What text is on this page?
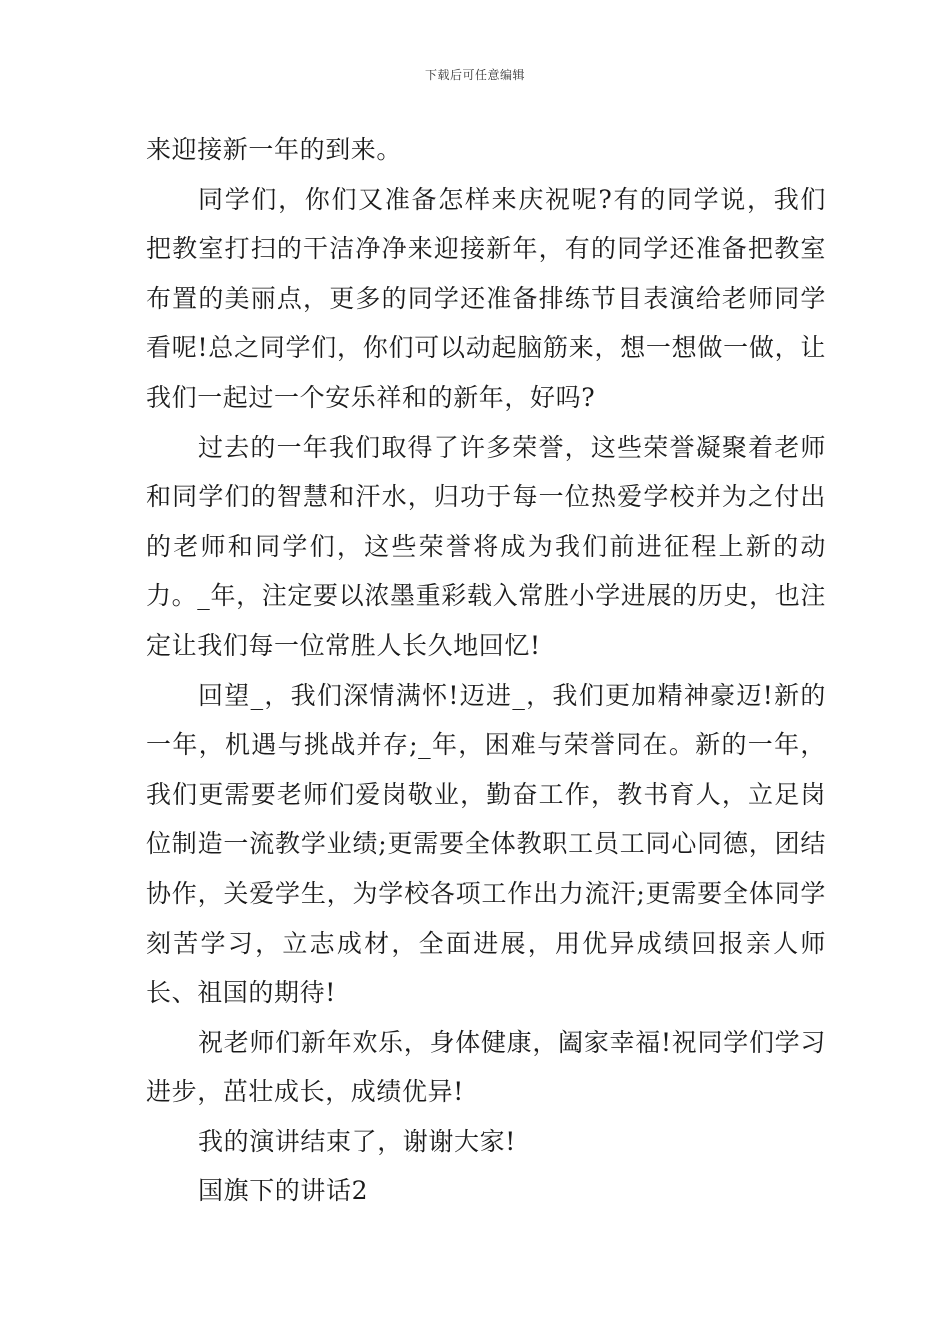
下载后可任意编辑

来迎接新一年的到来。

同学们，你们又准备怎样来庆祝呢?有的同学说，我们把教室打扫的干洁净净来迎接新年，有的同学还准备把教室布置的美丽点，更多的同学还准备排练节目表演给老师同学看呢!总之同学们，你们可以动起脑筋来，想一想做一做，让我们一起过一个安乐祥和的新年，好吗?

过去的一年我们取得了许多荣誉，这些荣誉凝聚着老师和同学们的智慧和汗水，归功于每一位热爱学校并为之付出的老师和同学们，这些荣誉将成为我们前进征程上新的动力。_年，注定要以浓墨重彩载入常胜小学进展的历史，也注定让我们每一位常胜人长久地回忆!

回望_，我们深情满怀!迈进_，我们更加精神豪迈!新的一年，机遇与挑战并存;_年，困难与荣誉同在。新的一年，我们更需要老师们爱岗敬业，勤奋工作，教书育人，立足岗位制造一流教学业绩;更需要全体教职工员工同心同德，团结协作，关爱学生，为学校各项工作出力流汗;更需要全体同学刻苦学习，立志成材，全面进展，用优异成绩回报亲人师长、祖国的期待!

祝老师们新年欢乐，身体健康，阖家幸福!祝同学们学习进步，茁壮成长，成绩优异!

我的演讲结束了，谢谢大家!

国旗下的讲话2
